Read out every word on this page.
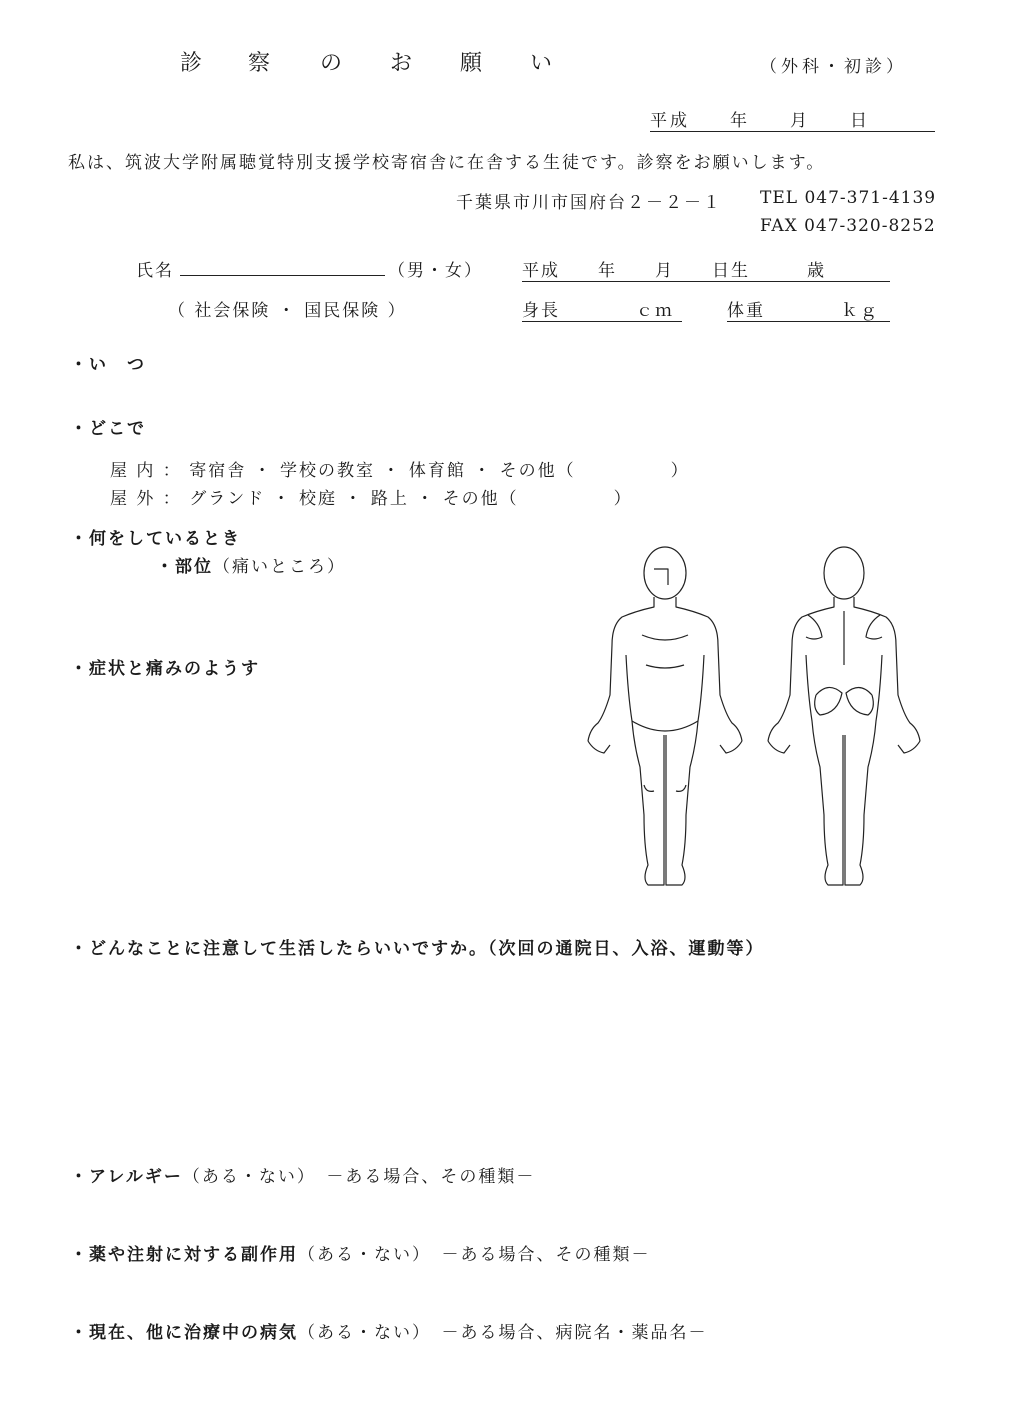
診 察 の お 願 い	（外科・初診）
平成　　年　　月　　日
私は、筑波大学附属聴覚特別支援学校寄宿舎に在舎する生徒です。診察をお願いします。
千葉県市川市国府台２－２－１ TEL 047-371-4139
FAX 047-320-8252
氏名	（男・女） 平成　　年　　月　　日生　　　歳
（ 社会保険 ・ 国民保険 ）	身長　　　　ｃｍ	体重　　　　ｋｇ
・い　つ
・どこで
屋 内 ： 寄宿舎 ・ 学校の教室 ・ 体育館 ・ その他（　　　　　）
屋 外 ： グランド ・ 校庭 ・ 路上 ・ その他（　　　　　）
・何をしているとき
・部位（痛いところ）
・症状と痛みのようす
・どんなことに注意して生活したらいいですか。（次回の通院日、入浴、運動等）
・アレルギー（ある・ない）　－ある場合、その種類－
・薬や注射に対する副作用（ある・ない）　－ある場合、その種類－
・現在、他に治療中の病気（ある・ない）　－ある場合、病院名・薬品名－
